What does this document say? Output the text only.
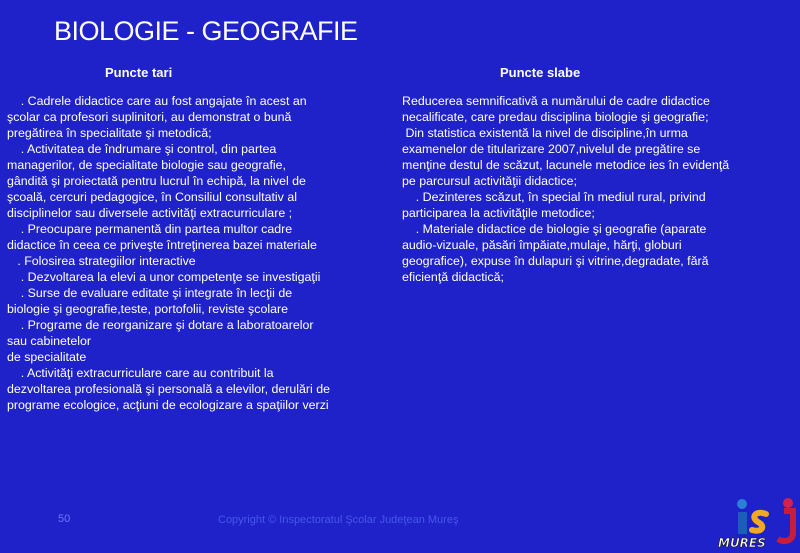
BIOLOGIE - GEOGRAFIE
Puncte tari	Puncte slabe
. Cadrele didactice care au fost angajate în acest an
şcolar ca profesori suplinitori, au demonstrat o bună
pregătirea în specialitate şi metodică;
. Activitatea de îndrumare şi control, din partea
managerilor, de specialitate biologie sau geografie,
gândită şi proiectată pentru lucrul în echipă, la nivel de
şcoală, cercuri pedagogice, în Consiliul consultativ al
disciplinelor sau diversele activităţi extracurriculare ;
. Preocupare permanentă din partea multor cadre
didactice în ceea ce priveşte întreţinerea bazei materiale
. Folosirea strategiilor interactive
. Dezvoltarea la elevi a unor competenţe se investigaţii
. Surse de evaluare editate şi integrate în lecţii de
biologie şi geografie,teste, portofolii, reviste şcolare
. Programe de reorganizare şi dotare a laboratoarelor
sau cabinetelor
de specialitate
. Activităţi extracurriculare care au contribuit la
dezvoltarea profesională şi personală a elevilor, derulări de
programe ecologice, acţiuni de ecologizare a spaţiilor verzi
Reducerea semnificativă a numărului de cadre didactice
necalificate, care predau disciplina biologie şi geografie;
Din statistica existentă la nivel de discipline,în urma
examenelor de titularizare 2007,nivelul de pregătire se
menţine destul de scăzut, lacunele metodice ies în evidenţă
pe parcursul activităţii didactice;
. Dezinteres scăzut, în special în mediul rural, privind
participarea la activităţile metodice;
. Materiale didactice de biologie şi geografie (aparate
audio-vizuale, păsări împăiate,mulaje, hărţi, globuri
geografice), expuse în dulapuri şi vitrine,degradate, fără
eficienţă didactică;
50	Copyright © Inspectoratul Şcolar Judeţean Mureş
MURES
